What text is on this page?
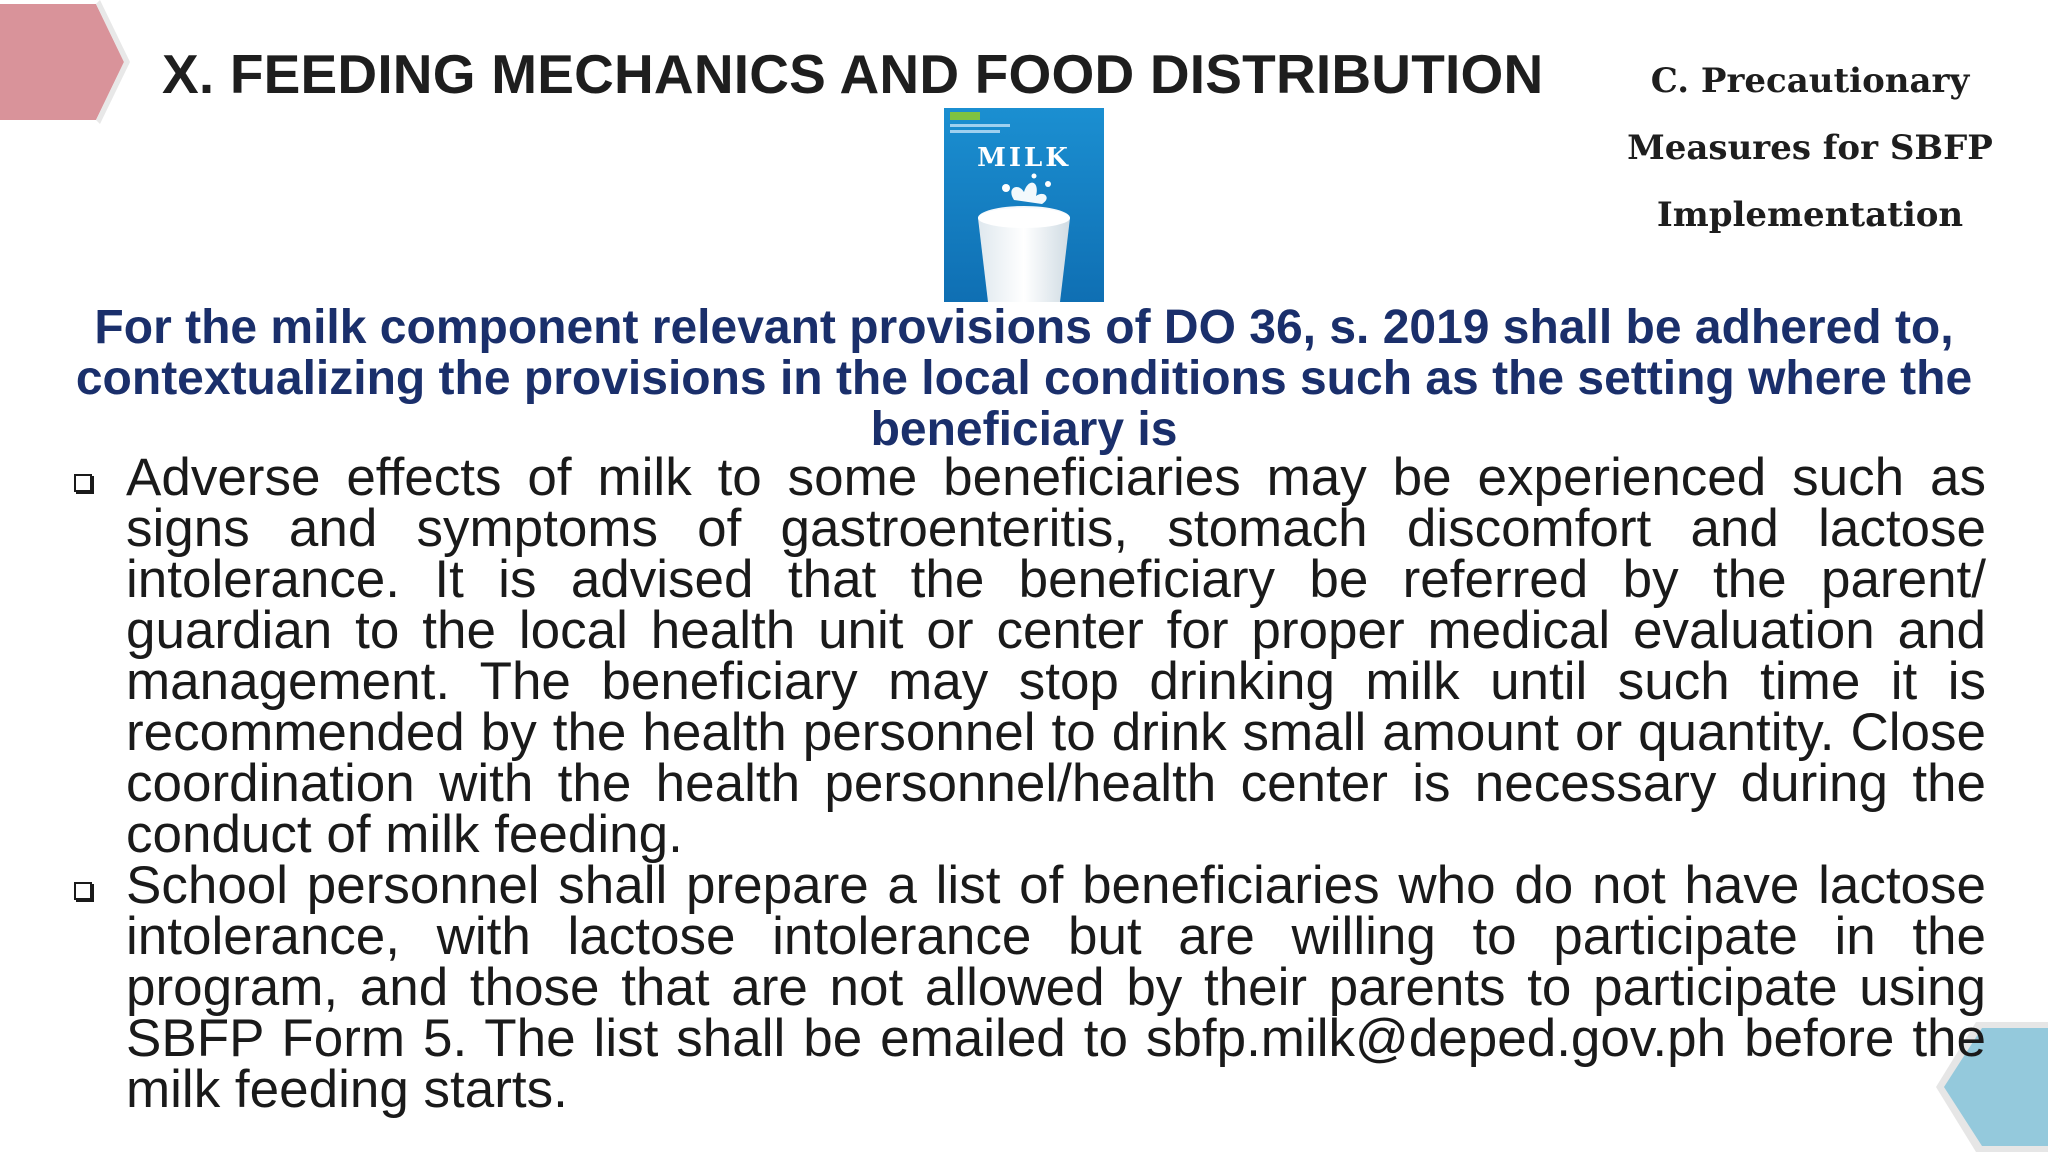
X. FEEDING MECHANICS AND FOOD DISTRIBUTION	C. Precautionary
Measures for SBFP
Implementation
MILK
For the milk component relevant provisions of DO 36, s. 2019 shall be adhered to, contextualizing the provisions in the local conditions such as the setting where the beneficiary is
Adverse effects of milk to some beneficiaries may be experienced such as signs and symptoms of gastroenteritis, stomach discomfort and lactose intolerance. It is advised that the beneficiary be referred by the parent/ guardian to the local health unit or center for proper medical evaluation and management. The beneficiary may stop drinking milk until such time it is recommended by the health personnel to drink small amount or quantity. Close coordination with the health personnel/health center is necessary during the conduct of milk feeding.
School personnel shall prepare a list of beneficiaries who do not have lactose intolerance, with lactose intolerance but are willing to participate in the program, and those that are not allowed by their parents to participate using SBFP Form 5. The list shall be emailed to sbfp.milk@deped.gov.ph before the milk feeding starts.
